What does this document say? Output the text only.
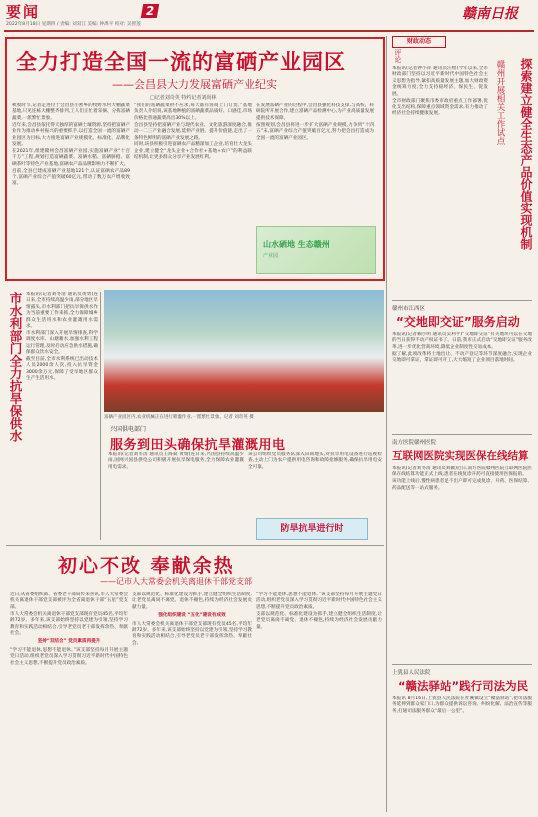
要闻	2
2022年8月18日 星期四 / 责编: 刘双江 美编: 钟禹平 校对: 吴智莲
赣南日报
全力打造全国一流的富硒产业园区
——会昌县大力发展富硒产业纪实
□记者刘奇英 特约记者刘尚林

秋收时节,记者走进位于会昌县小密乡的牧野水村大棚蔬菜基地,只见连栋大棚整齐排列,工人们正忙着采摘、分拣富硒蔬菜,一派繁忙景象。

近年来,会昌县依托得天独厚的富硒土壤资源,坚持把富硒产业作为推动乡村振兴的重要抓手,以打造全国一流的富硒产业园区为目标,大力推进富硒产业规模化、标准化、品牌化发展。

在2021年,组建赣州会昌富硒产业园,实施富硒产业“十百千万”工程,规划打造富硒蔬菜、富硒水稻、富硒脐橙、富硒茶叶等特色产业基地,富硒农产品品牌影响力不断扩大。

目前,全县已建成富硒产业基地121个,认证富硒农产品89个,富硒产业综合产值突破60亿元,带动了数万农户增收致富。

“我们的富硒蔬菜供不应求,每天都有客商上门订货。”基地负责人介绍说,该基地种植的富硒蔬菜品质好、口感佳,市场价格比普通蔬菜高出30%以上。

会昌县坚持把富硒产业与现代农业、文化旅游深度融合,推动一二三产业融合发展,延伸产业链、提升价值链,走出了一条特色鲜明的富硒产业发展之路。

同时,该县积极引进富硒农产品精深加工企业,培育壮大龙头企业,建立健全“龙头企业+合作社+基地+农户”的利益联结机制,让更多群众分享产业发展红利。

在发展富硒产业的过程中,会昌县强化科技支撑,与高校、科研院所开展合作,建立富硒产品检测中心,为产业高质量发展提供技术保障。

按照规划,会昌县将进一步扩大富硒产业规模,力争到“十四五”末,富硒产业综合产值突破百亿元,努力把会昌打造成为全国一流的富硒产业园区。

山水硒地 生态赣州
产业园
市水利部门全力抗旱保供水 本报讯(记者刘冬清 通讯员黄勇)连日来,全市持续高温少雨,部分地区旱情露头,市水利部门把抗旱保供水作为当前重要工作来抓,全力保障城乡群众生活用水和农业灌溉用水需求。

市水利部门深入开展旱情排查,科学调度水库、山塘蓄水,加强水利工程运行管理,及时启动应急供水措施,确保群众饮水安全。

截至目前,全市水利系统已出动技术人员2000余人次,投入抗旱资金3000余万元,保障了受旱地区群众生产生活用水。

富硒产业园区内,农业机械正在进行喷灌作业,一派繁忙景象。记者 刘奇英 摄
兴国供电部门
服务到田头确保抗旱灌溉用电

本报讯(记者刘冬清 通讯员王海斌 黄婧)连日来,兴国县持续高温少雨,国网兴国县供电公司积极开展抗旱保电服务,全力保障农业灌溉用电需求。

该公司组织党员服务队深入田间地头,对抗旱用电设备进行巡视检查,主动上门为农户提供用电咨询和故障抢修服务,确保抗旱用电安全可靠。

防旱抗旱进行时
初心不改 奉献余热
——记市人大常委会机关离退休干部党支部

近日,从省委组织部、省委老干部局传来喜讯,市人大常委会机关离退休干部党支部被评为全省离退休干部“五星”党支部。

市人大常委会机关离退休干部党支部现有党员45名,平均年龄72岁。多年来,该支部始终坚持以党建为引领,坚持学习教育和实践活动相结合,引导老党员老干部发挥余热、奉献社会。

坚持“双结合” 党员素质再提升

“学习不能退休,思想不能退休。”该支部坚持每月开展主题党日活动,组织老党员深入学习贯彻习近平新时代中国特色社会主义思想,不断提升党员政治素质。

支部以规范化、标准化建设为抓手,建立健全组织生活制度,让老党员离岗不离党、退休不褪色,持续为经济社会发展贡献力量。

强化组织建设 “五化”建设有成效

市人大常委会机关离退休干部党支部现有党员45名,平均年龄72岁。多年来,该支部始终坚持以党建为引领,坚持学习教育和实践活动相结合,引导老党员老干部发挥余热、奉献社会。

“学习不能退休,思想不能退休。”该支部坚持每月开展主题党日活动,组织老党员深入学习贯彻习近平新时代中国特色社会主义思想,不断提升党员政治素质。

支部以规范化、标准化建设为抓手,建立健全组织生活制度,让老党员离岗不离党、退休不褪色,持续为经济社会发展贡献力量。

财政动态
评论

本报讯(记者钟小萍 通讯员汪贻)今年以来,全市财政部门坚持以习近平新时代中国特色社会主义思想为指导,紧扣高质量发展主题,加大财政资金统筹力度,全力支持稳经济、保民生、促发展。

全市财政部门聚焦市委市政府重点工作部署,优化支出结构,保障重点领域资金需求,有力推动了经济社会持续健康发展。	赣州开展相关工作试点	探索建立健全生态产品价值实现机制
赣州市江西区
“交地即交证”服务启动

本报讯(记者赖小明 通讯员吴利平)“交地即交证”有关地块可以在交地的当日获得不动产权证书了。日前,我市正式启动“交地即交证”服务改革,进一步优化营商环境,降低企业制度性交易成本。

据了解,此项改革将土地出让、不动产登记等环节深度融合,实现企业交地即可拿证、拿证即可开工,大大缩短了企业项目落地时间。

南方医院赣州医院
互联网医院实现医保在线结算

本报讯(记者刘冬清 通讯员刘颖)近日,南方医院赣州医院互联网医院医保在线结算功能正式上线,患者在线复诊开药可直接使用医保报销。

该功能上线后,慢性病患者足不出户即可完成复诊、开药、医保结算、药品配送等一站式服务。

上犹县人民法院
“赣法驿站”践行司法为民

本报讯 8月16日,上犹县人民法院在社溪镇设立“赣法驿站”,把司法服务延伸到群众家门口,为群众提供诉讼咨询、纠纷化解、法治宣传等服务,打通司法服务群众“最后一公里”。
